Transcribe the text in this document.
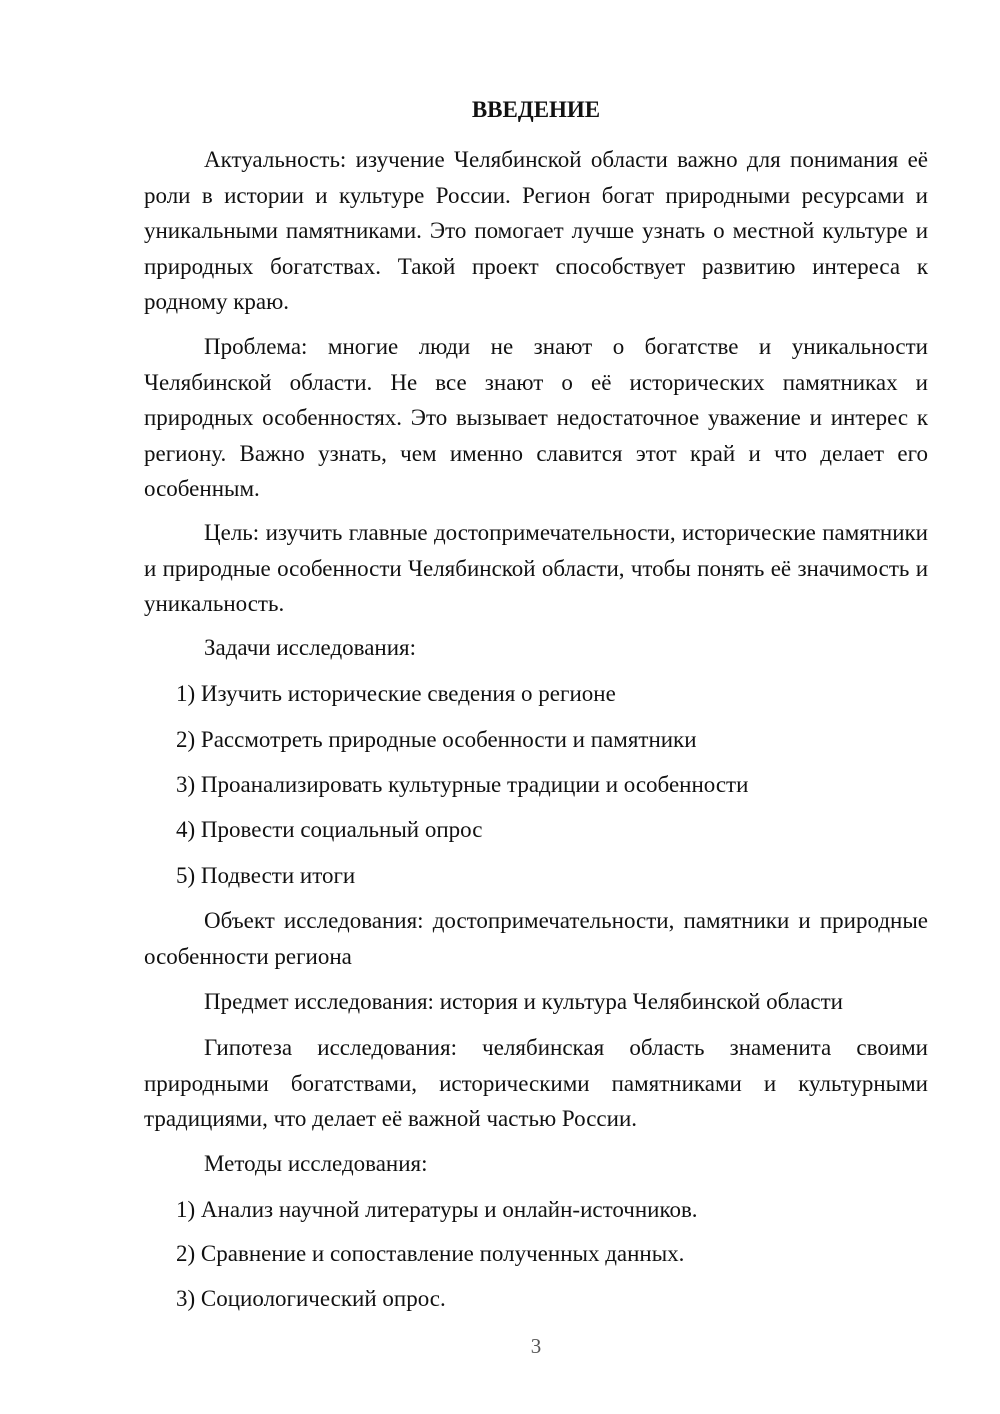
ВВЕДЕНИЕ

Актуальность: изучение Челябинской области важно для понимания её роли в истории и культуре России. Регион богат природными ресурсами и уникальными памятниками. Это помогает лучше узнать о местной культуре и природных богатствах. Такой проект способствует развитию интереса к родному краю.

Проблема: многие люди не знают о богатстве и уникальности Челябинской области. Не все знают о её исторических памятниках и природных особенностях. Это вызывает недостаточное уважение и интерес к региону. Важно узнать, чем именно славится этот край и что делает его особенным.

Цель: изучить главные достопримечательности, исторические памятники и природные особенности Челябинской области, чтобы понять её значимость и уникальность.

Задачи исследования:
1) Изучить исторические сведения о регионе
2) Рассмотреть природные особенности и памятники
3) Проанализировать культурные традиции и особенности
4) Провести социальный опрос
5) Подвести итоги

Объект исследования: достопримечательности, памятники и природные особенности региона

Предмет исследования: история и культура Челябинской области

Гипотеза исследования: челябинская область знаменита своими природными богатствами, историческими памятниками и культурными традициями, что делает её важной частью России.

Методы исследования:
1) Анализ научной литературы и онлайн-источников.
2) Сравнение и сопоставление полученных данных.
3) Социологический опрос.
3
